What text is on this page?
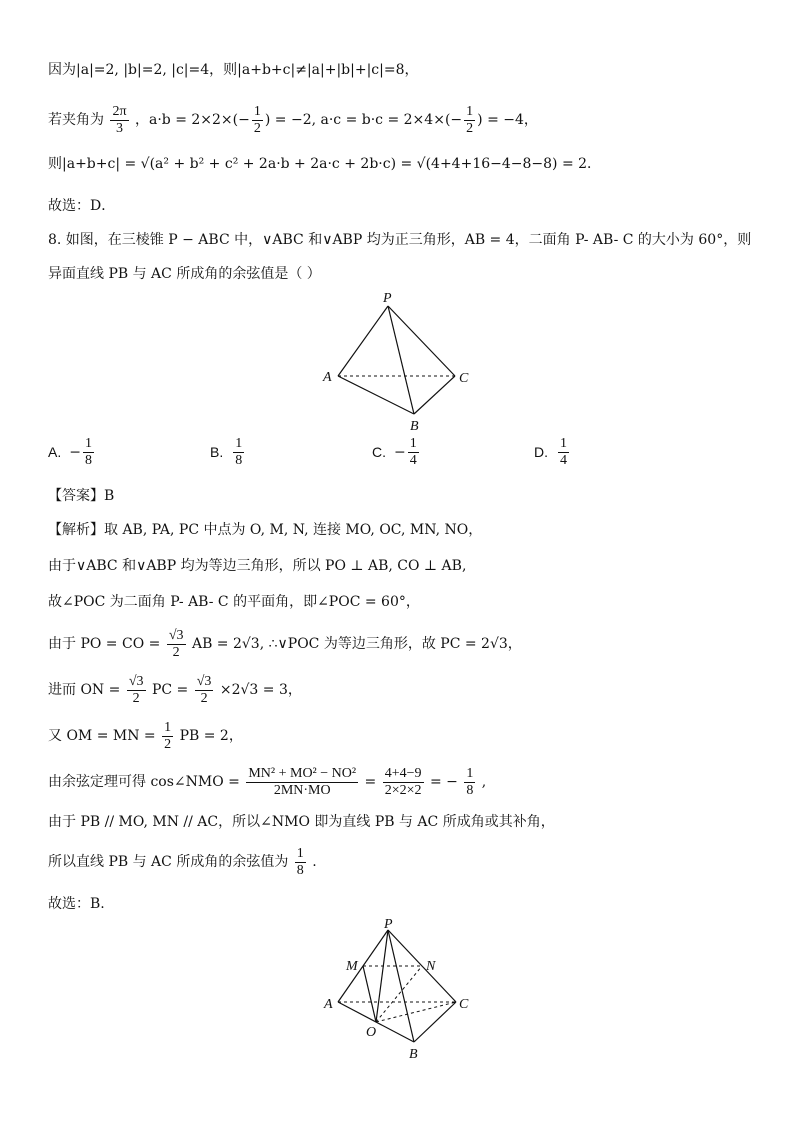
因为|a|=2, |b|=2, |c|=4，则|a+b+c|≠|a|+|b|+|c|=8，
若夹角为 $\frac{2\pi}{3}$ ，$a\cdot b = 2\times 2\times(- \frac{1}{2}$ ) = −2, $a\cdot c = b\cdot c = 2\times 4\times(- \frac{1}{2}$ ) = −4，
则|a+b+c| = √(a² + b² + c² + 2a·b + 2a·c + 2b·c) = √(4+4+16−4−8−8) = 2．
故选：D．
8. 如图，在三棱锥 P − ABC 中，∨ABC 和∨ABP 均为正三角形，AB = 4，二面角 P- AB- C 的大小为 60°，则
异面直线 PB 与 AC 所成角的余弦值是（ ）
P
A	C
B
A. − $\frac{1}{8}$	B. $\frac{1}{8}$	C. − $\frac{1}{4}$	D. $\frac{1}{4}$
【答案】B
【解析】取 AB, PA, PC 中点为 O, M, N, 连接 MO, OC, MN, NO，
由于∨ABC 和∨ABP 均为等边三角形，所以 PO ⊥ AB, CO ⊥ AB,
故∠POC 为二面角 P- AB- C 的平面角，即∠POC = 60°，
由于 PO = CO = $\frac{√3}{2}$ AB = 2√3, ∴∨POC 为等边三角形，故 PC = 2√3，
进而 ON = $\frac{√3}{2}$ PC = $\frac{√3}{2} \times 2√3 = 3$，
又 OM = MN = $\frac{1}{2}$ PB = 2，
由余弦定理可得 cos∠NMO = $\frac{\text{MN² + MO² − NO²}}{2MN\cdot MO} = \frac{4+4-9}{2\times 2\times 2}$ = − $\frac{1}{8}$ ,
由于 PB // MO, MN // AC，所以∠NMO 即为直线 PB 与 AC 所成角或其补角，
所以直线 PB 与 AC 所成角的余弦值为 $\frac{1}{8}$ .
故选：B.
P
M	N
A	C
O
B
